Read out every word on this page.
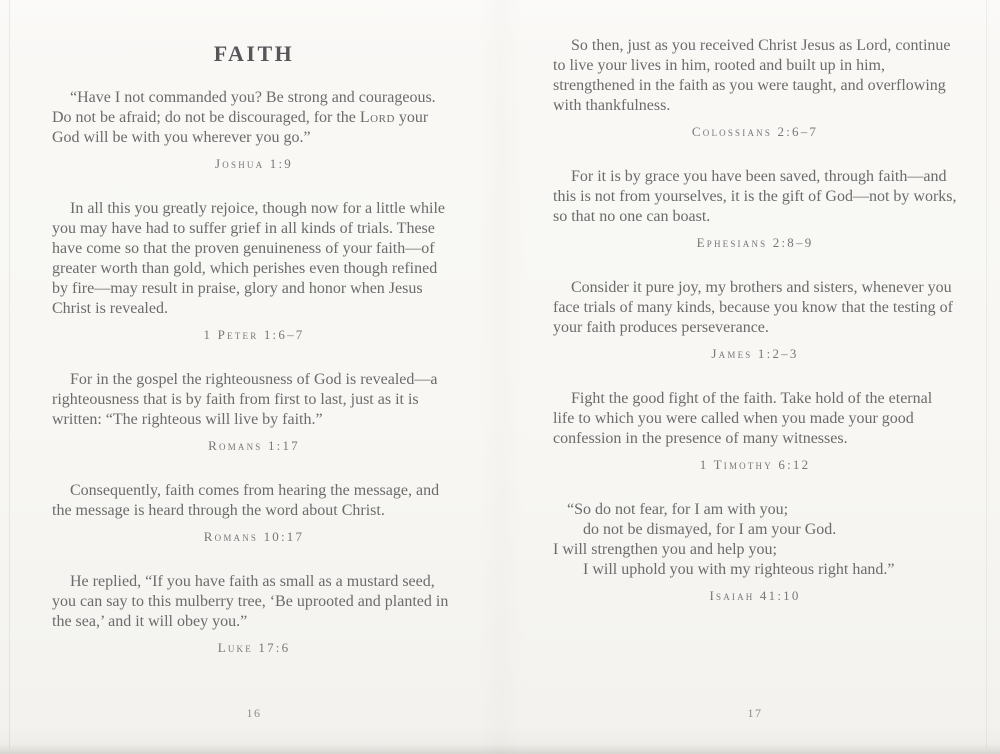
FAITH

“Have I not commanded you? Be strong and courageous. Do not be afraid; do not be discouraged, for the Lord your God will be with you wherever you go.”

Joshua 1:9

In all this you greatly rejoice, though now for a little while you may have had to suffer grief in all kinds of trials. These have come so that the proven genuineness of your faith—of greater worth than gold, which perishes even though refined by fire—may result in praise, glory and honor when Jesus Christ is revealed.

1 Peter 1:6–7

For in the gospel the righteousness of God is revealed—a righteousness that is by faith from first to last, just as it is written: “The righteous will live by faith.”

Romans 1:17

Consequently, faith comes from hearing the message, and the message is heard through the word about Christ.

Romans 10:17

He replied, “If you have faith as small as a mustard seed, you can say to this mulberry tree, ‘Be uprooted and planted in the sea,’ and it will obey you.”

Luke 17:6

So then, just as you received Christ Jesus as Lord, continue to live your lives in him, rooted and built up in him, strengthened in the faith as you were taught, and overflowing with thankfulness.

Colossians 2:6–7

For it is by grace you have been saved, through faith—and this is not from yourselves, it is the gift of God—not by works, so that no one can boast.

Ephesians 2:8–9

Consider it pure joy, my brothers and sisters, whenever you face trials of many kinds, because you know that the testing of your faith produces perseverance.

James 1:2–3

Fight the good fight of the faith. Take hold of the eternal life to which you were called when you made your good confession in the presence of many witnesses.

1 Timothy 6:12
“So do not fear, for I am with you;
do not be dismayed, for I am your God.
I will strengthen you and help you;
I will uphold you with my righteous right hand.”
Isaiah 41:10
16	17
